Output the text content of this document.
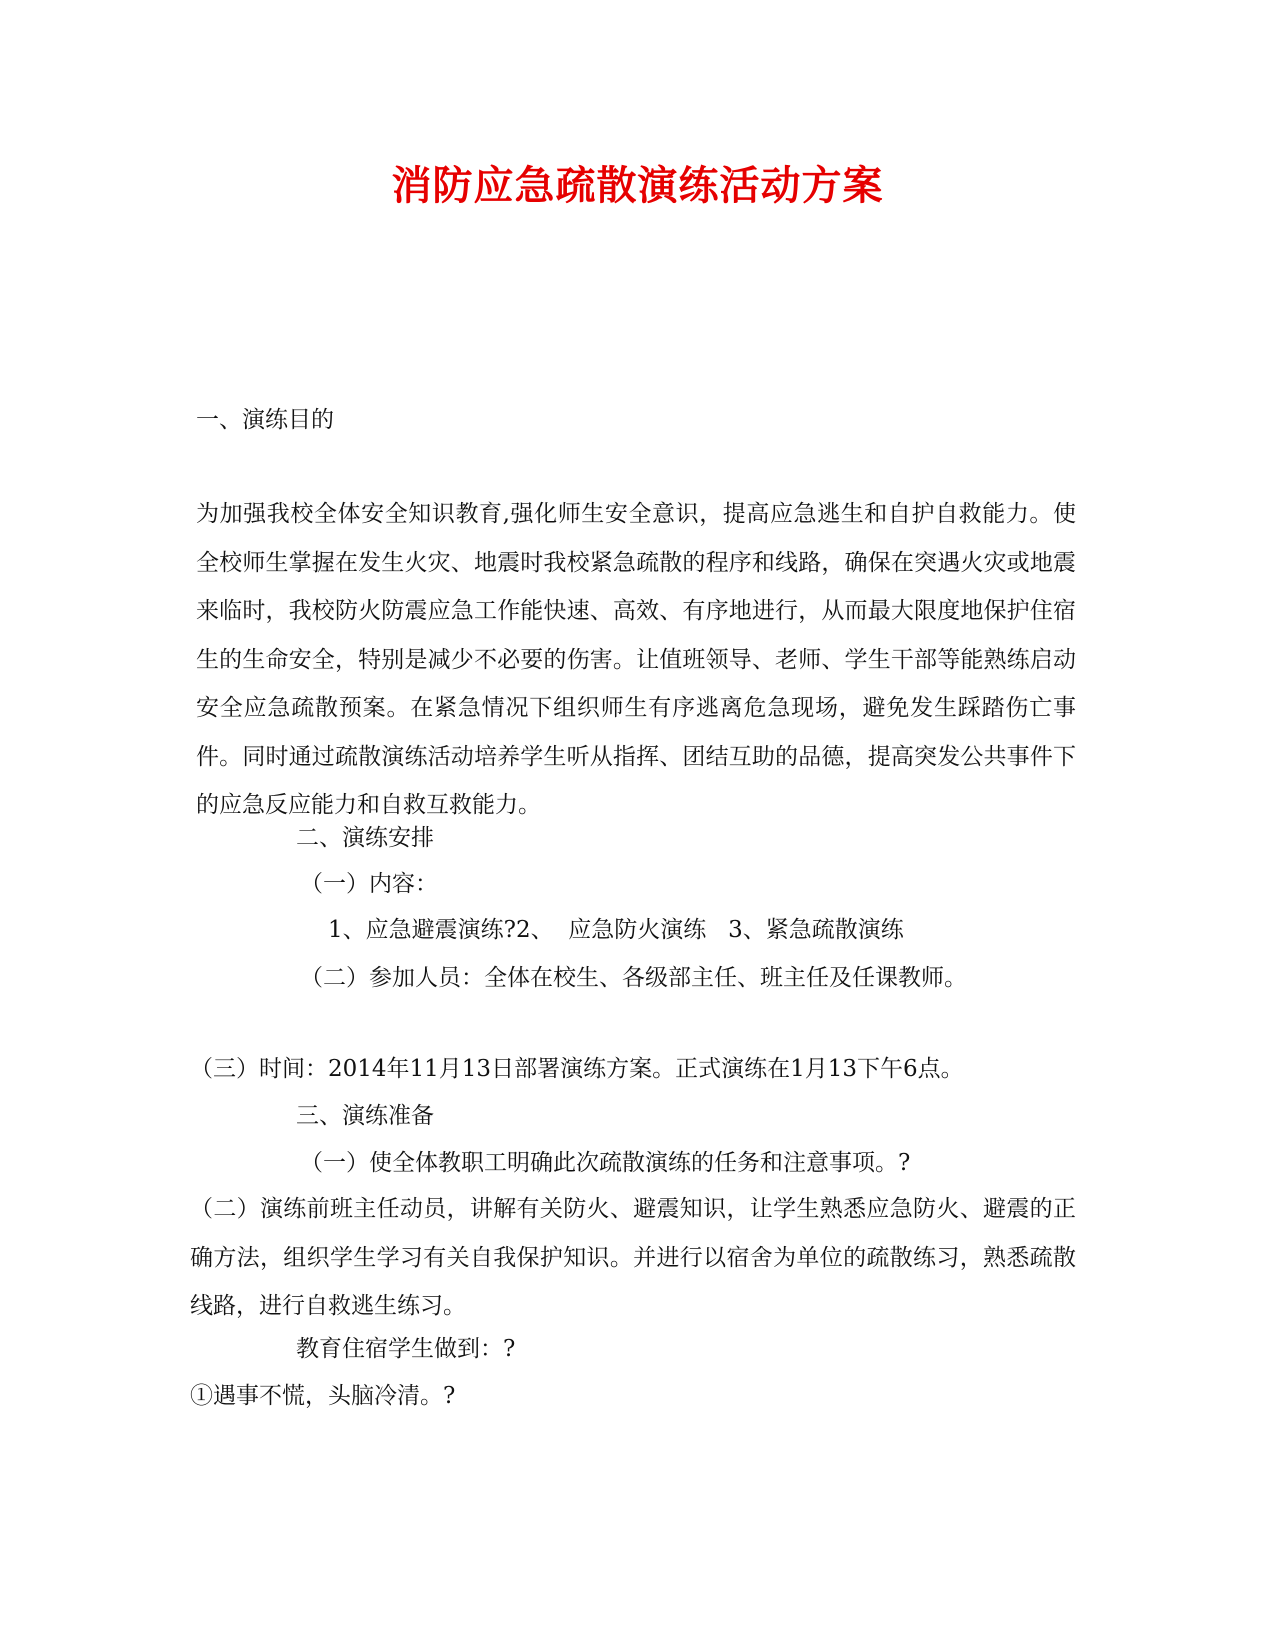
消防应急疏散演练活动方案
一、演练目的
为加强我校全体安全知识教育,强化师生安全意识，提高应急逃生和自护自救能力。使全校师生掌握在发生火灾、地震时我校紧急疏散的程序和线路，确保在突遇火灾或地震来临时，我校防火防震应急工作能快速、高效、有序地进行，从而最大限度地保护住宿生的生命安全，特别是减少不必要的伤害。让值班领导、老师、学生干部等能熟练启动安全应急疏散预案。在紧急情况下组织师生有序逃离危急现场，避免发生踩踏伤亡事件。同时通过疏散演练活动培养学生听从指挥、团结互助的品德，提高突发公共事件下的应急反应能力和自救互救能力。
二、演练安排
（一）内容：
1、应急避震演练?2、  应急防火演练   3、紧急疏散演练
（二）参加人员：全体在校生、各级部主任、班主任及任课教师。
（三）时间：2014年11月13日部署演练方案。正式演练在1月13下午6点。
三、演练准备
（一）使全体教职工明确此次疏散演练的任务和注意事项。?
（二）演练前班主任动员，讲解有关防火、避震知识，让学生熟悉应急防火、避震的正确方法，组织学生学习有关自我保护知识。并进行以宿舍为单位的疏散练习，熟悉疏散线路，进行自救逃生练习。
教育住宿学生做到：?
①遇事不慌，头脑冷清。?
